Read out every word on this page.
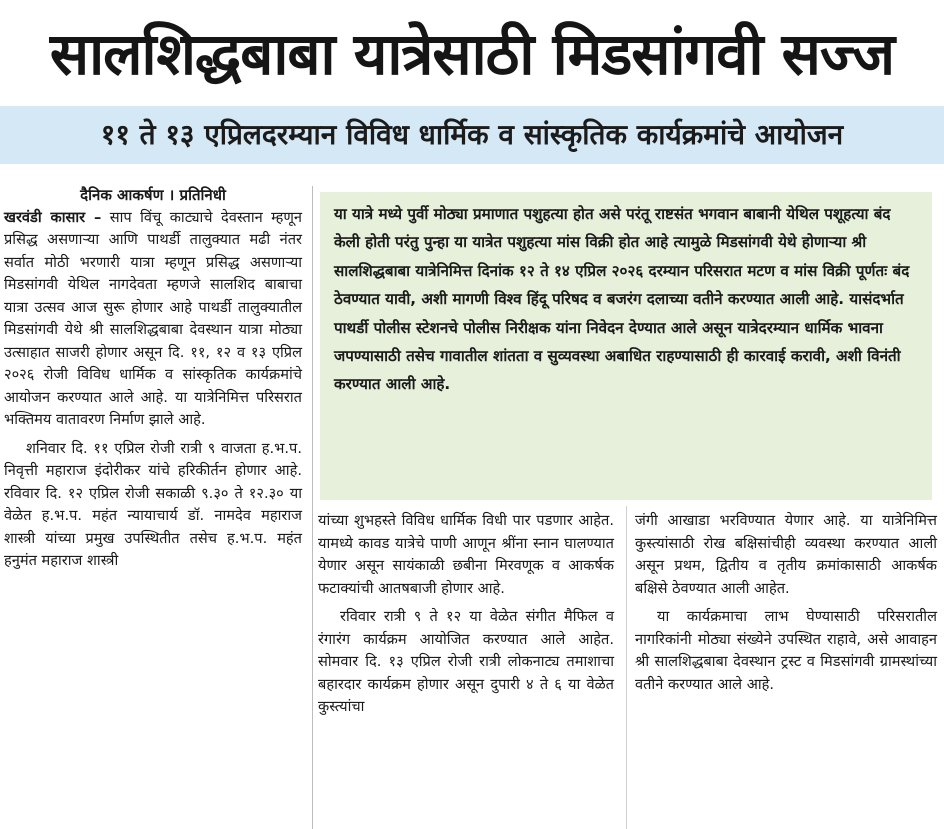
सालशिद्धबाबा यात्रेसाठी मिडसांगवी सज्ज
११ ते १३ एप्रिलदरम्यान विविध धार्मिक व सांस्कृतिक कार्यक्रमांचे आयोजन

दैनिक आकर्षण । प्रतिनिधी

खरवंडी कासार – साप विंचू काट्याचे देवस्तान म्हणून प्रसिद्ध असणाऱ्या आणि पाथर्डी तालुक्यात मढी नंतर सर्वात मोठी भरणारी यात्रा म्हणून प्रसिद्ध असणाऱ्या मिडसांगवी येथिल नागदेवता म्हणजे सालशिद बाबाचा यात्रा उत्सव आज सुरू होणार आहे पाथर्डी तालुक्यातील मिडसांगवी येथे श्री सालशिद्धबाबा देवस्थान यात्रा मोठ्या उत्साहात साजरी होणार असून दि. ११, १२ व १३ एप्रिल २०२६ रोजी विविध धार्मिक व सांस्कृतिक कार्यक्रमांचे आयोजन करण्यात आले आहे. या यात्रेनिमित्त परिसरात भक्तिमय वातावरण निर्माण झाले आहे.

शनिवार दि. ११ एप्रिल रोजी रात्री ९ वाजता ह.भ.प. निवृत्ती महाराज इंदोरीकर यांचे हरिकीर्तन होणार आहे. रविवार दि. १२ एप्रिल रोजी सकाळी ९.३० ते १२.३० या वेळेत ह.भ.प. महंत न्यायाचार्य डॉ. नामदेव महाराज शास्त्री यांच्या प्रमुख उपस्थितीत तसेच ह.भ.प. महंत हनुमंत महाराज शास्त्री

या यात्रे मध्ये पुर्वी मोठ्या प्रमाणात पशुहत्या होत असे परंतू राष्टसंत भगवान बाबानी येथिल पशूहत्या बंद केली होती परंतु पुन्हा या यात्रेत पशुहत्या मांस विक्री होत आहे त्यामुळे मिडसांगवी येथे होणाऱ्या श्री सालशिद्धबाबा यात्रेनिमित्त दिनांक १२ ते १४ एप्रिल २०२६ दरम्यान परिसरात मटण व मांस विक्री पूर्णतः बंद ठेवण्यात यावी, अशी मागणी विश्व हिंदू परिषद व बजरंग दलाच्या वतीने करण्यात आली आहे. यासंदर्भात पाथर्डी पोलीस स्टेशनचे पोलीस निरीक्षक यांना निवेदन देण्यात आले असून यात्रेदरम्यान धार्मिक भावना जपण्यासाठी तसेच गावातील शांतता व सुव्यवस्था अबाधित राहण्यासाठी ही कारवाई करावी, अशी विनंती करण्यात आली आहे.

यांच्या शुभहस्ते विविध धार्मिक विधी पार पडणार आहेत. यामध्ये कावड यात्रेचे पाणी आणून श्रींना स्नान घालण्यात येणार असून सायंकाळी छबीना मिरवणूक व आकर्षक फटाक्यांची आतषबाजी होणार आहे.

रविवार रात्री ९ ते १२ या वेळेत संगीत मैफिल व रंगारंग कार्यक्रम आयोजित करण्यात आले आहेत. सोमवार दि. १३ एप्रिल रोजी रात्री लोकनाट्य तमाशाचा बहारदार कार्यक्रम होणार असून दुपारी ४ ते ६ या वेळेत कुस्त्यांचा

जंगी आखाडा भरविण्यात येणार आहे. या यात्रेनिमित्त कुस्त्यांसाठी रोख बक्षिसांचीही व्यवस्था करण्यात आली असून प्रथम, द्वितीय व तृतीय क्रमांकासाठी आकर्षक बक्षिसे ठेवण्यात आली आहेत.

या कार्यक्रमाचा लाभ घेण्यासाठी परिसरातील नागरिकांनी मोठ्या संख्येने उपस्थित राहावे, असे आवाहन श्री सालशिद्धबाबा देवस्थान ट्रस्ट व मिडसांगवी ग्रामस्थांच्या वतीने करण्यात आले आहे.
